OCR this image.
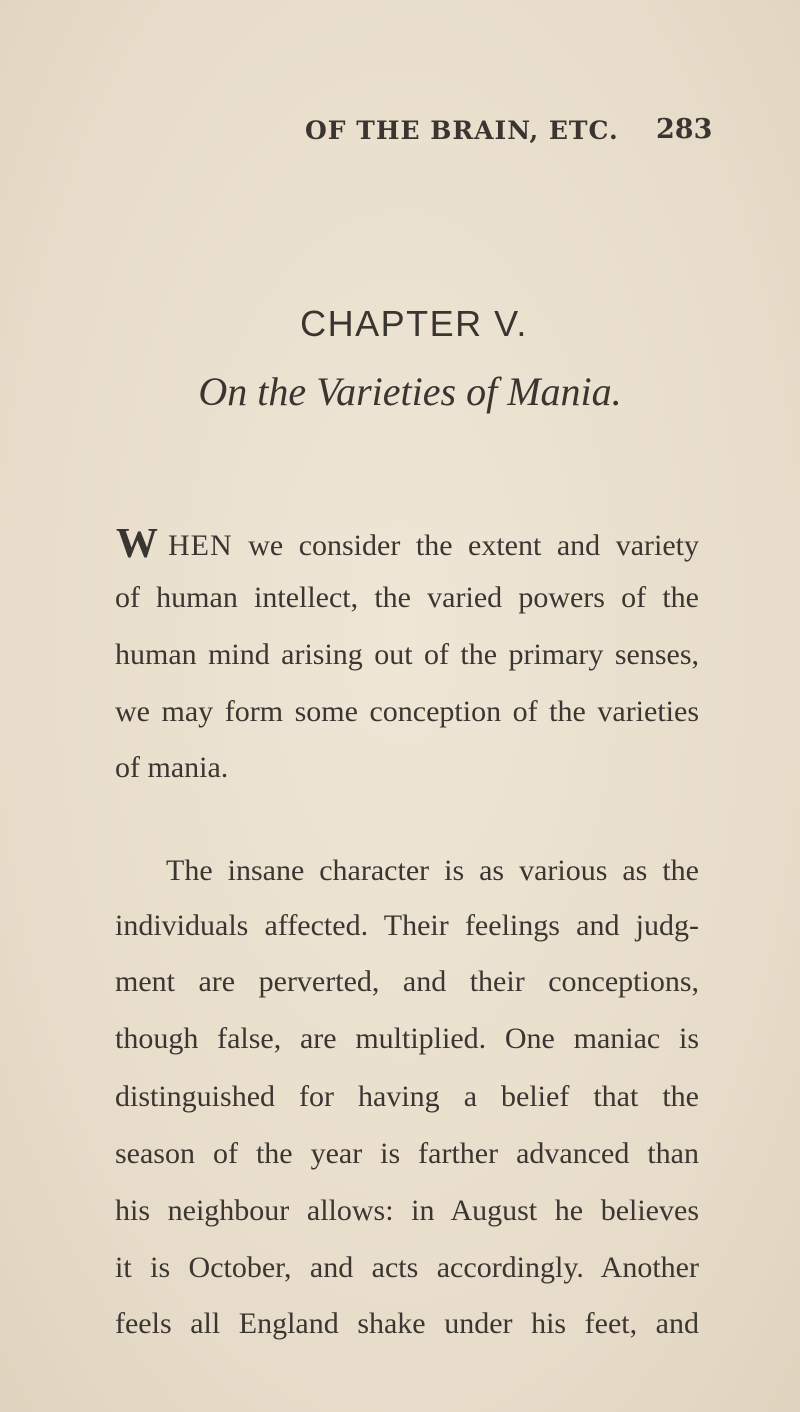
OF THE BRAIN, ETC. 283
CHAPTER V.
On the Varieties of Mania.
W HEN we consider the extent and variety
of human intellect, the varied powers of the
human mind arising out of the primary senses,
we may form some conception of the varieties
of mania.
The insane character is as various as the
individuals affected. Their feelings and judg-
ment are perverted, and their conceptions,
though false, are multiplied. One maniac is
distinguished for having a belief that the
season of the year is farther advanced than
his neighbour allows: in August he believes
it is October, and acts accordingly. Another
feels all England shake under his feet, and
